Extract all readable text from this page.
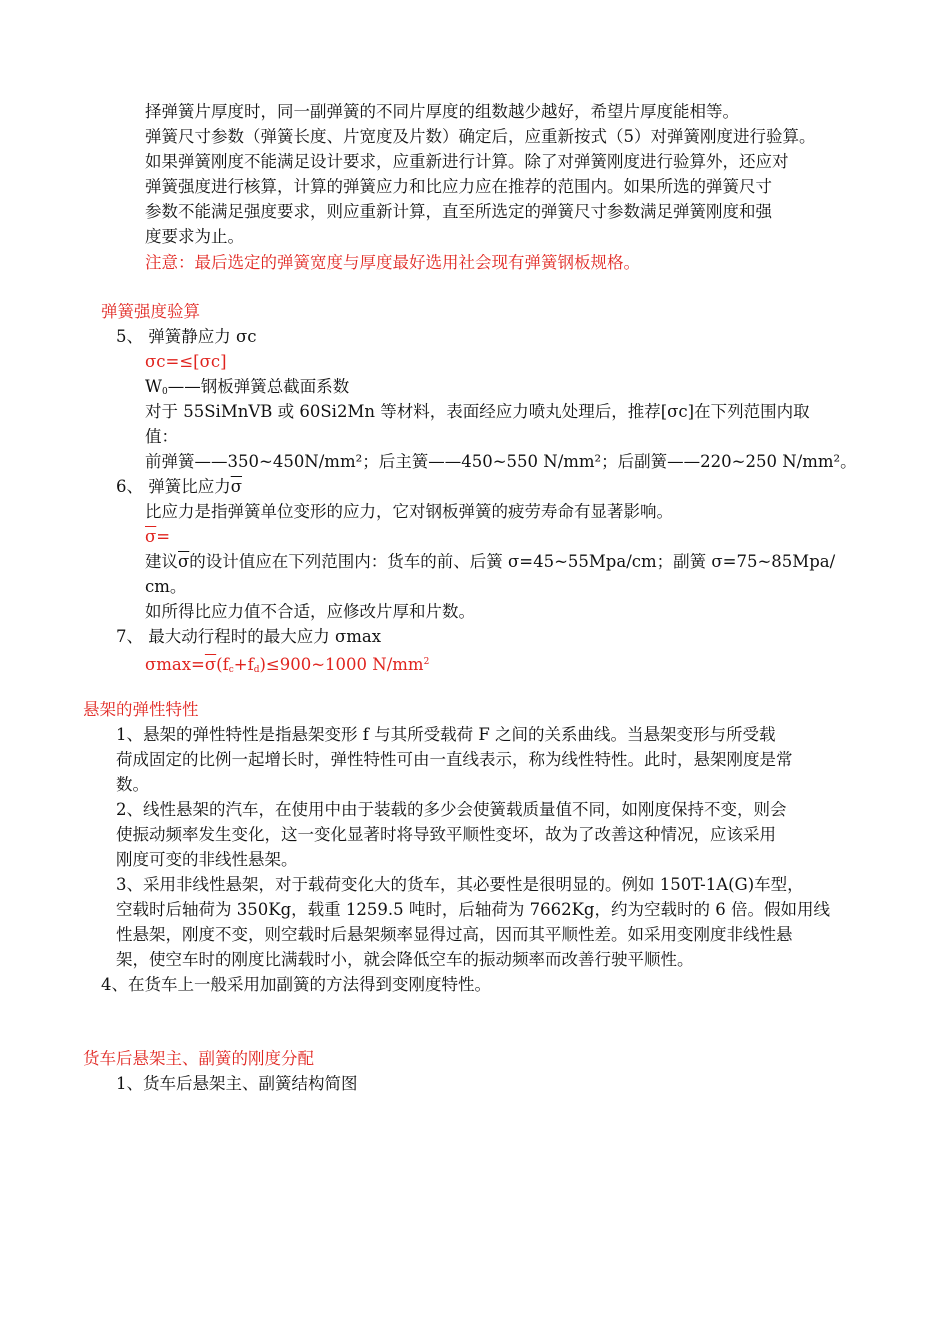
择弹簧片厚度时，同一副弹簧的不同片厚度的组数越少越好，希望片厚度能相等。
弹簧尺寸参数（弹簧长度、片宽度及片数）确定后，应重新按式（5）对弹簧刚度进行验算。
如果弹簧刚度不能满足设计要求，应重新进行计算。除了对弹簧刚度进行验算外，还应对
弹簧强度进行核算，计算的弹簧应力和比应力应在推荐的范围内。如果所选的弹簧尺寸
参数不能满足强度要求，则应重新计算，直至所选定的弹簧尺寸参数满足弹簧刚度和强
度要求为止。
注意：最后选定的弹簧宽度与厚度最好选用社会现有弹簧钢板规格。
弹簧强度验算
5、 弹簧静应力 σc
σc=≤[σc]
$W_0——$钢板弹簧总截面系数
对于 55SiMnVB 或 60Si2Mn 等材料，表面经应力喷丸处理后，推荐[σc]在下列范围内取
值：
前弹簧——350~450N/mm²；后主簧——450~550 N/mm²；后副簧——220~250 N/mm²。
6、 弹簧比应力$\overline{\sigma}$
比应力是指弹簧单位变形的应力，它对钢板弹簧的疲劳寿命有显著影响。
$\overline{\sigma}=$
建议$\overline{\sigma}$的设计值应在下列范围内：货车的前、后簧 σ=45~55Mpa/cm；副簧 σ=75~85Mpa/
cm。
如所得比应力值不合适，应修改片厚和片数。
7、 最大动行程时的最大应力 σmax
$\sigma\max=\overline{\sigma}(f_c+f_d)\le 900\sim 1000$ $N/mm^2$
悬架的弹性特性
1、悬架的弹性特性是指悬架变形 f 与其所受载荷 F 之间的关系曲线。当悬架变形与所受载
荷成固定的比例一起增长时，弹性特性可由一直线表示，称为线性特性。此时，悬架刚度是常
数。
2、线性悬架的汽车，在使用中由于装载的多少会使簧载质量值不同，如刚度保持不变，则会
使振动频率发生变化，这一变化显著时将导致平顺性变坏，故为了改善这种情况，应该采用
刚度可变的非线性悬架。
3、采用非线性悬架，对于载荷变化大的货车，其必要性是很明显的。例如 150T-1A(G)车型，
空载时后轴荷为 350Kg，载重 1259.5 吨时，后轴荷为 7662Kg，约为空载时的 6 倍。假如用线
性悬架，刚度不变，则空载时后悬架频率显得过高，因而其平顺性差。如采用变刚度非线性悬
架，使空车时的刚度比满载时小，就会降低空车的振动频率而改善行驶平顺性。
4、在货车上一般采用加副簧的方法得到变刚度特性。
货车后悬架主、副簧的刚度分配
1、货车后悬架主、副簧结构简图
